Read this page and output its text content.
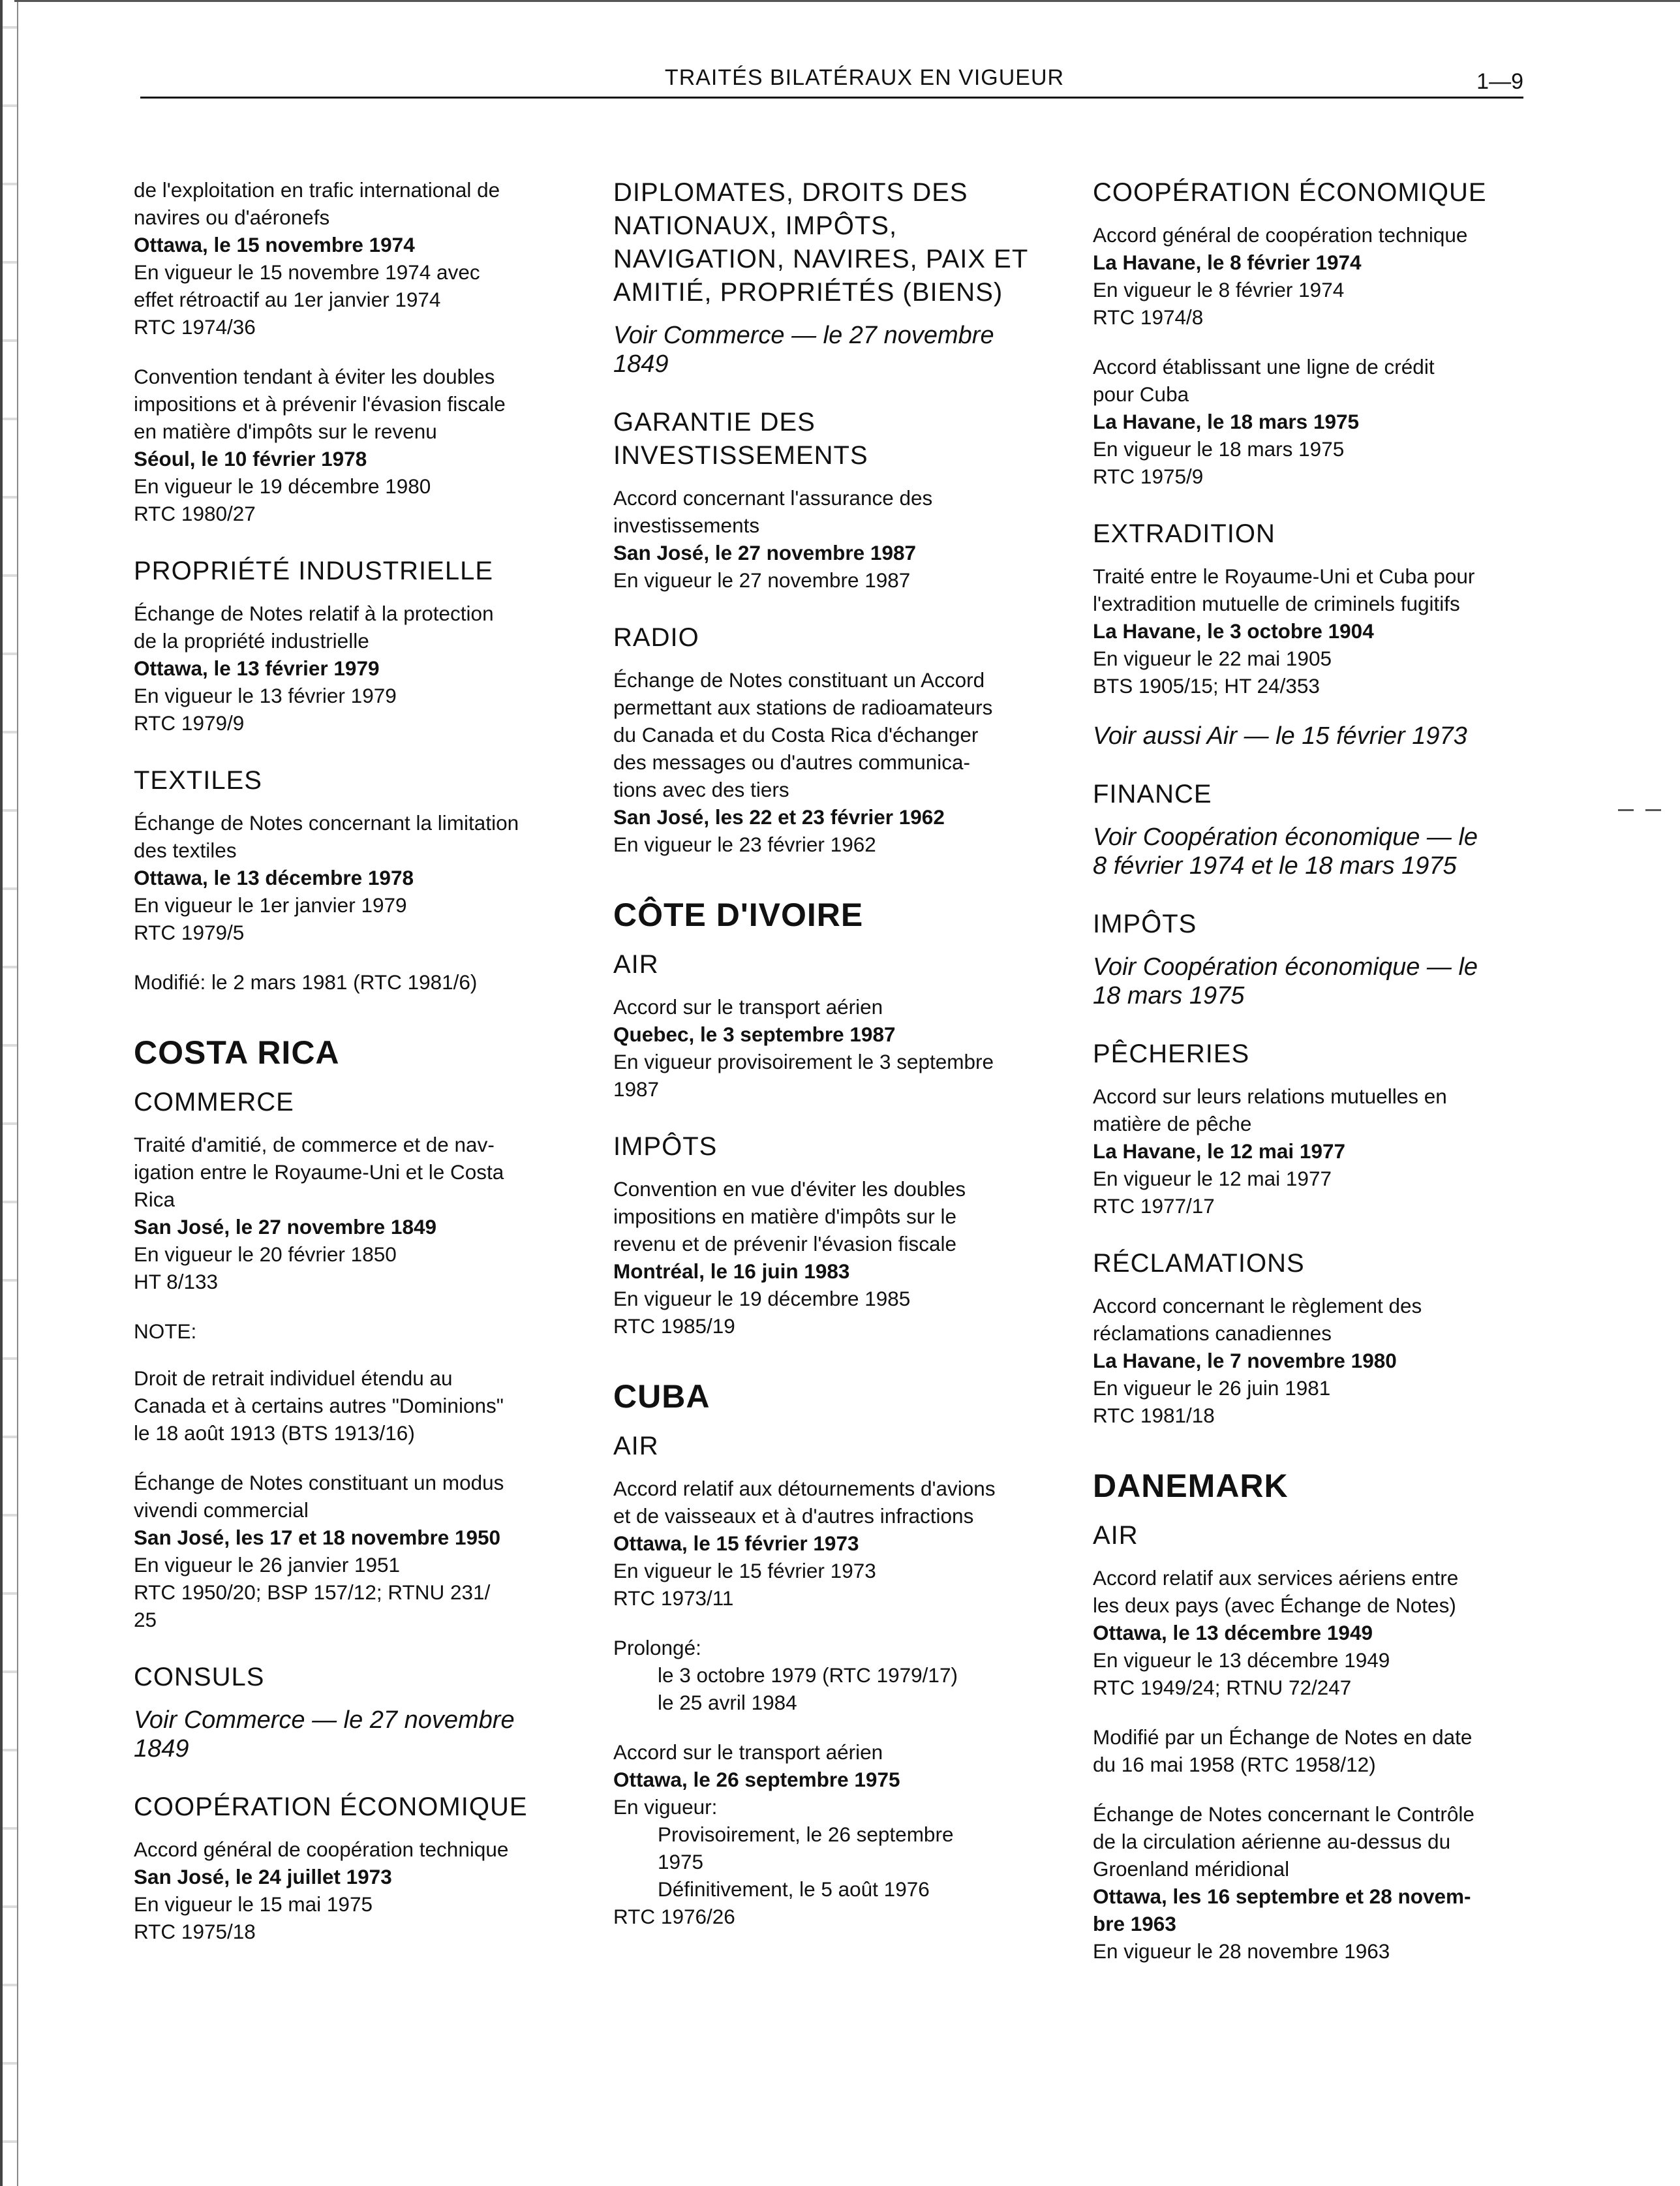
TRAITÉS BILATÉRAUX EN VIGUEUR	1—9
de l'exploitation en trafic international de
navires ou d'aéronefs
Ottawa, le 15 novembre 1974
En vigueur le 15 novembre 1974 avec
effet rétroactif au 1er janvier 1974
RTC 1974/36
Convention tendant à éviter les doubles
impositions et à prévenir l'évasion fiscale
en matière d'impôts sur le revenu
Séoul, le 10 février 1978
En vigueur le 19 décembre 1980
RTC 1980/27
PROPRIÉTÉ INDUSTRIELLE
Échange de Notes relatif à la protection
de la propriété industrielle
Ottawa, le 13 février 1979
En vigueur le 13 février 1979
RTC 1979/9
TEXTILES
Échange de Notes concernant la limitation
des textiles
Ottawa, le 13 décembre 1978
En vigueur le 1er janvier 1979
RTC 1979/5
Modifié: le 2 mars 1981 (RTC 1981/6)
COSTA RICA
COMMERCE
Traité d'amitié, de commerce et de nav-
igation entre le Royaume-Uni et le Costa
Rica
San José, le 27 novembre 1849
En vigueur le 20 février 1850
HT 8/133
NOTE:
Droit de retrait individuel étendu au
Canada et à certains autres "Dominions"
le 18 août 1913 (BTS 1913/16)
Échange de Notes constituant un modus
vivendi commercial
San José, les 17 et 18 novembre 1950
En vigueur le 26 janvier 1951
RTC 1950/20; BSP 157/12; RTNU 231/
25
CONSULS
Voir Commerce — le 27 novembre
1849
COOPÉRATION ÉCONOMIQUE
Accord général de coopération technique
San José, le 24 juillet 1973
En vigueur le 15 mai 1975
RTC 1975/18
DIPLOMATES, DROITS DES
NATIONAUX, IMPÔTS,
NAVIGATION, NAVIRES, PAIX ET
AMITIÉ, PROPRIÉTÉS (BIENS)
Voir Commerce — le 27 novembre
1849
GARANTIE DES
INVESTISSEMENTS
Accord concernant l'assurance des
investissements
San José, le 27 novembre 1987
En vigueur le 27 novembre 1987
RADIO
Échange de Notes constituant un Accord
permettant aux stations de radioamateurs
du Canada et du Costa Rica d'échanger
des messages ou d'autres communica-
tions avec des tiers
San José, les 22 et 23 février 1962
En vigueur le 23 février 1962
CÔTE D'IVOIRE
AIR
Accord sur le transport aérien
Quebec, le 3 septembre 1987
En vigueur provisoirement le 3 septembre
1987
IMPÔTS
Convention en vue d'éviter les doubles
impositions en matière d'impôts sur le
revenu et de prévenir l'évasion fiscale
Montréal, le 16 juin 1983
En vigueur le 19 décembre 1985
RTC 1985/19
CUBA
AIR
Accord relatif aux détournements d'avions
et de vaisseaux et à d'autres infractions
Ottawa, le 15 février 1973
En vigueur le 15 février 1973
RTC 1973/11
Prolongé:
le 3 octobre 1979 (RTC 1979/17)
le 25 avril 1984
Accord sur le transport aérien
Ottawa, le 26 septembre 1975
En vigueur:
Provisoirement, le 26 septembre
1975
Définitivement, le 5 août 1976
RTC 1976/26
COOPÉRATION ÉCONOMIQUE
Accord général de coopération technique
La Havane, le 8 février 1974
En vigueur le 8 février 1974
RTC 1974/8
Accord établissant une ligne de crédit
pour Cuba
La Havane, le 18 mars 1975
En vigueur le 18 mars 1975
RTC 1975/9
EXTRADITION
Traité entre le Royaume-Uni et Cuba pour
l'extradition mutuelle de criminels fugitifs
La Havane, le 3 octobre 1904
En vigueur le 22 mai 1905
BTS 1905/15; HT 24/353
Voir aussi Air — le 15 février 1973
FINANCE
Voir Coopération économique — le
8 février 1974 et le 18 mars 1975
IMPÔTS
Voir Coopération économique — le
18 mars 1975
PÊCHERIES
Accord sur leurs relations mutuelles en
matière de pêche
La Havane, le 12 mai 1977
En vigueur le 12 mai 1977
RTC 1977/17
RÉCLAMATIONS
Accord concernant le règlement des
réclamations canadiennes
La Havane, le 7 novembre 1980
En vigueur le 26 juin 1981
RTC 1981/18
DANEMARK
AIR
Accord relatif aux services aériens entre
les deux pays (avec Échange de Notes)
Ottawa, le 13 décembre 1949
En vigueur le 13 décembre 1949
RTC 1949/24; RTNU 72/247
Modifié par un Échange de Notes en date
du 16 mai 1958 (RTC 1958/12)
Échange de Notes concernant le Contrôle
de la circulation aérienne au-dessus du
Groenland méridional
Ottawa, les 16 septembre et 28 novem-
bre 1963
En vigueur le 28 novembre 1963
